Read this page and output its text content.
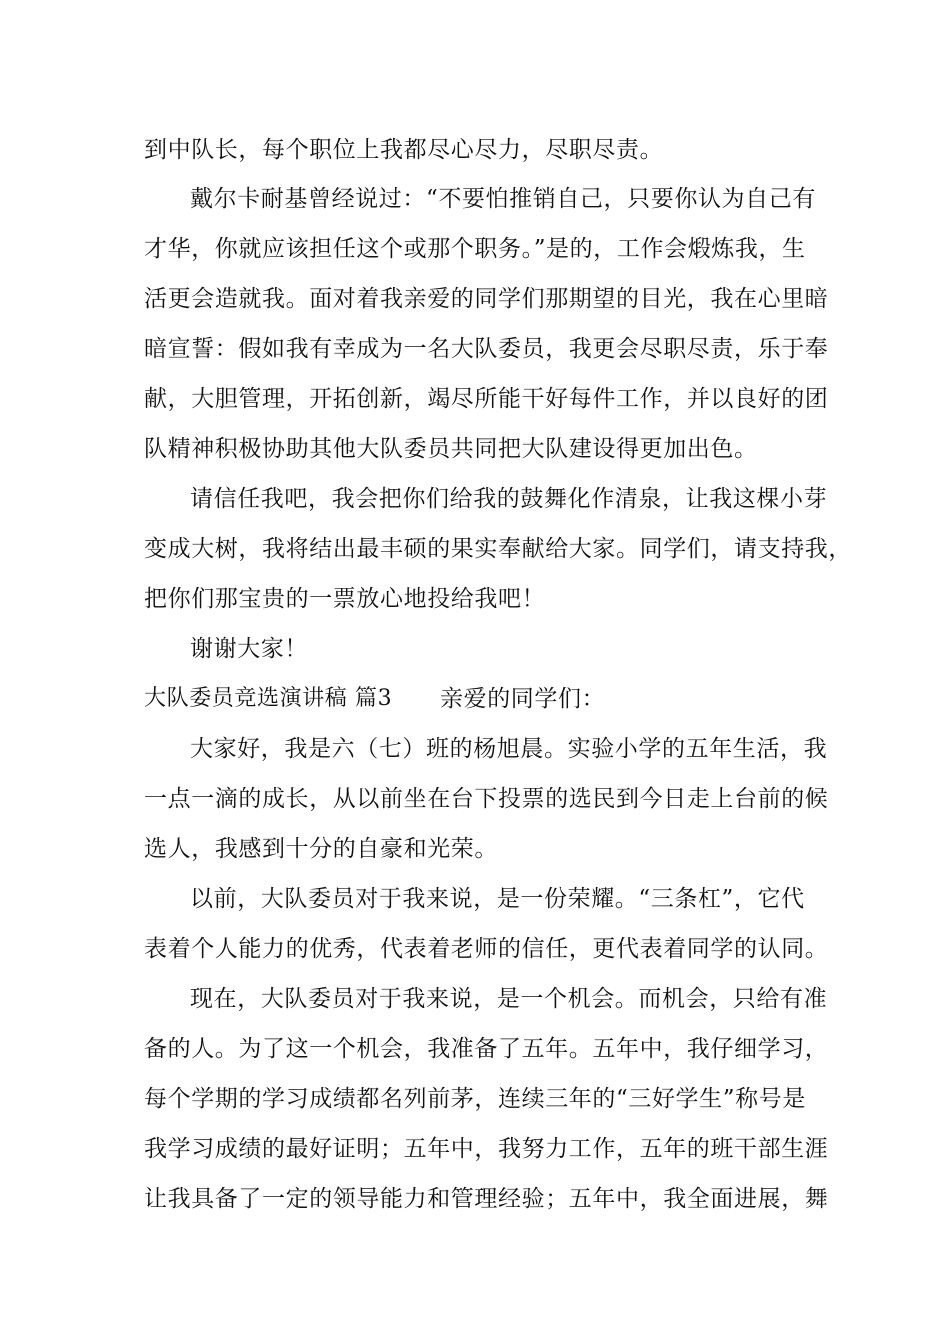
到中队长，每个职位上我都尽心尽力，尽职尽责。
戴尔卡耐基曾经说过：“不要怕推销自己，只要你认为自己有
才华，你就应该担任这个或那个职务。”是的，工作会煅炼我，生
活更会造就我。面对着我亲爱的同学们那期望的目光，我在心里暗
暗宣誓：假如我有幸成为一名大队委员，我更会尽职尽责，乐于奉
献，大胆管理，开拓创新，竭尽所能干好每件工作，并以良好的团
队精神积极协助其他大队委员共同把大队建设得更加出色。
请信任我吧，我会把你们给我的鼓舞化作清泉，让我这棵小芽
变成大树，我将结出最丰硕的果实奉献给大家。同学们，请支持我，
把你们那宝贵的一票放心地投给我吧！
谢谢大家！
大队委员竞选演讲稿 篇3 亲爱的同学们：
大家好，我是六（七）班的杨旭晨。实验小学的五年生活，我
一点一滴的成长，从以前坐在台下投票的选民到今日走上台前的候
选人，我感到十分的自豪和光荣。
以前，大队委员对于我来说，是一份荣耀。“三条杠”，它代
表着个人能力的优秀，代表着老师的信任，更代表着同学的认同。
现在，大队委员对于我来说，是一个机会。而机会，只给有准
备的人。为了这一个机会，我准备了五年。五年中，我仔细学习，
每个学期的学习成绩都名列前茅，连续三年的“三好学生”称号是
我学习成绩的最好证明；五年中，我努力工作，五年的班干部生涯
让我具备了一定的领导能力和管理经验；五年中，我全面进展，舞
